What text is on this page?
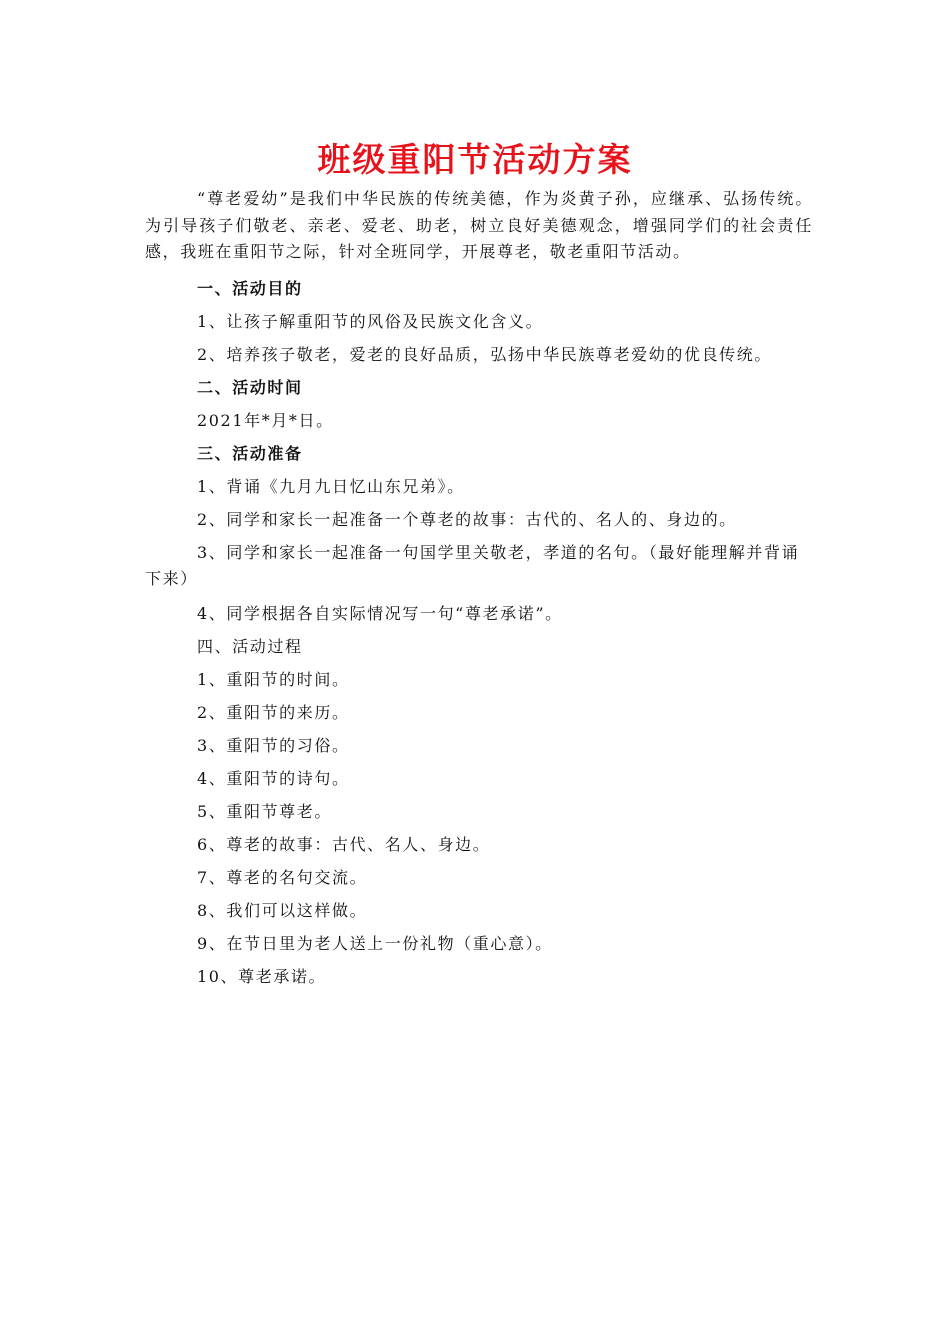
班级重阳节活动方案

“尊老爱幼”是我们中华民族的传统美德，作为炎黄子孙，应继承、弘扬传统。为引导孩子们敬老、亲老、爱老、助老，树立良好美德观念，增强同学们的社会责任感，我班在重阳节之际，针对全班同学，开展尊老，敬老重阳节活动。

一、活动目的

1、让孩子解重阳节的风俗及民族文化含义。

2、培养孩子敬老，爱老的良好品质，弘扬中华民族尊老爱幼的优良传统。

二、活动时间

2021年*月*日。

三、活动准备

1、背诵《九月九日忆山东兄弟》。

2、同学和家长一起准备一个尊老的故事：古代的、名人的、身边的。

3、同学和家长一起准备一句国学里关敬老，孝道的名句。（最好能理解并背诵下来）

4、同学根据各自实际情况写一句“尊老承诺”。

四、活动过程

1、重阳节的时间。

2、重阳节的来历。

3、重阳节的习俗。

4、重阳节的诗句。

5、重阳节尊老。

6、尊老的故事：古代、名人、身边。

7、尊老的名句交流。

8、我们可以这样做。

9、在节日里为老人送上一份礼物（重心意）。

10、尊老承诺。
